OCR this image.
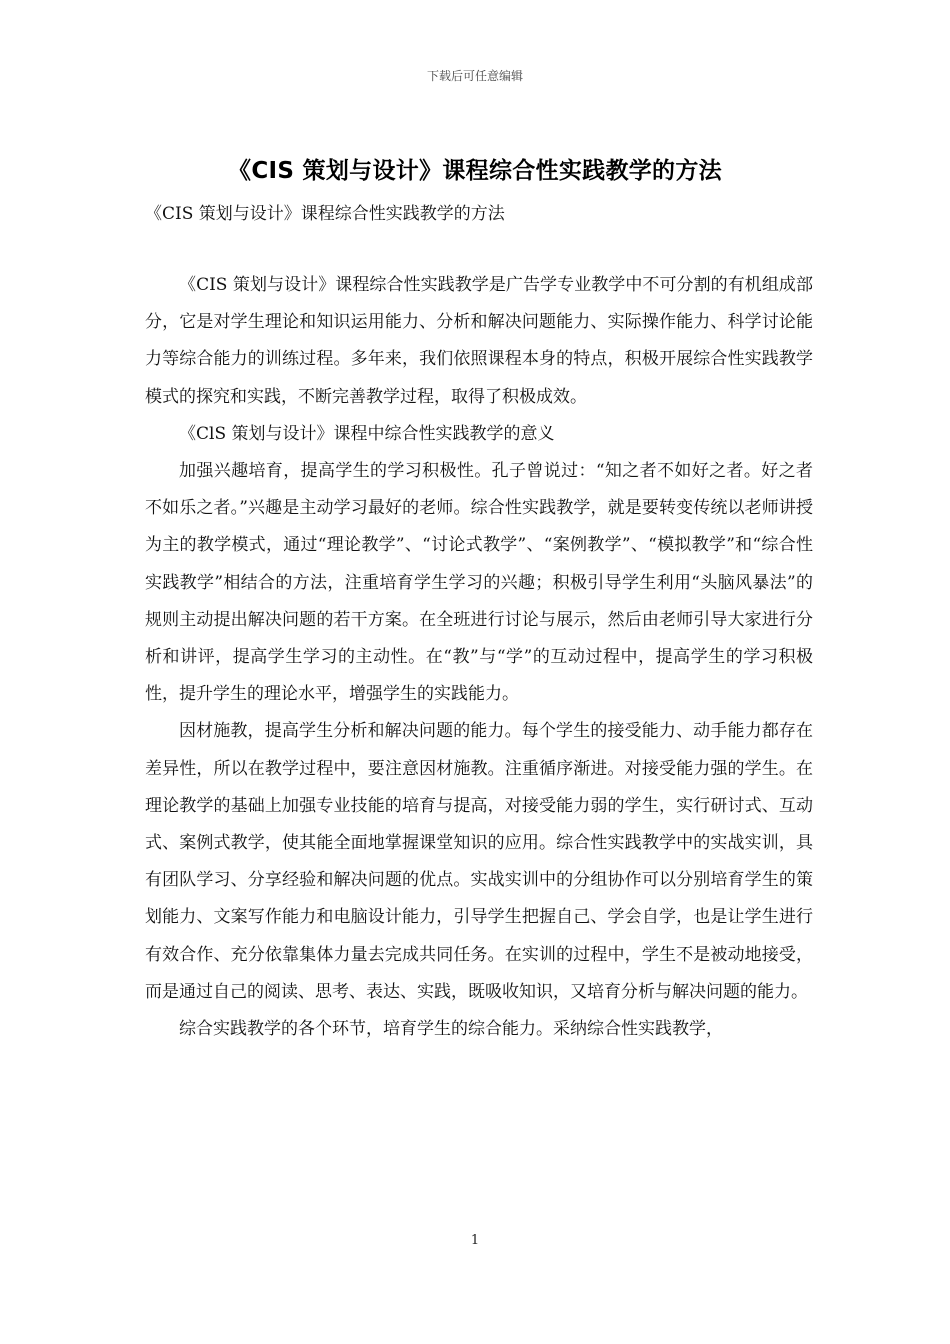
下载后可任意编辑
《CIS 策划与设计》课程综合性实践教学的方法
《CIS 策划与设计》课程综合性实践教学的方法

《CIS 策划与设计》课程综合性实践教学是广告学专业教学中不可分割的有机组成部分，它是对学生理论和知识运用能力、分析和解决问题能力、实际操作能力、科学讨论能力等综合能力的训练过程。多年来，我们依照课程本身的特点，积极开展综合性实践教学模式的探究和实践，不断完善教学过程，取得了积极成效。

《ClS 策划与设计》课程中综合性实践教学的意义

加强兴趣培育，提高学生的学习积极性。孔子曾说过：“知之者不如好之者。好之者不如乐之者。”兴趣是主动学习最好的老师。综合性实践教学，就是要转变传统以老师讲授为主的教学模式，通过“理论教学”、“讨论式教学”、“案例教学”、“模拟教学”和“综合性实践教学”相结合的方法，注重培育学生学习的兴趣；积极引导学生利用“头脑风暴法”的规则主动提出解决问题的若干方案。在全班进行讨论与展示，然后由老师引导大家进行分析和讲评，提高学生学习的主动性。在“教”与“学”的互动过程中，提高学生的学习积极性，提升学生的理论水平，增强学生的实践能力。

因材施教，提高学生分析和解决问题的能力。每个学生的接受能力、动手能力都存在差异性，所以在教学过程中，要注意因材施教。注重循序渐进。对接受能力强的学生。在理论教学的基础上加强专业技能的培育与提高，对接受能力弱的学生，实行研讨式、互动式、案例式教学，使其能全面地掌握课堂知识的应用。综合性实践教学中的实战实训，具有团队学习、分享经验和解决问题的优点。实战实训中的分组协作可以分别培育学生的策划能力、文案写作能力和电脑设计能力，引导学生把握自己、学会自学，也是让学生进行有效合作、充分依靠集体力量去完成共同任务。在实训的过程中，学生不是被动地接受，而是通过自己的阅读、思考、表达、实践，既吸收知识，又培育分析与解决问题的能力。

综合实践教学的各个环节，培育学生的综合能力。采纳综合性实践教学，

1
